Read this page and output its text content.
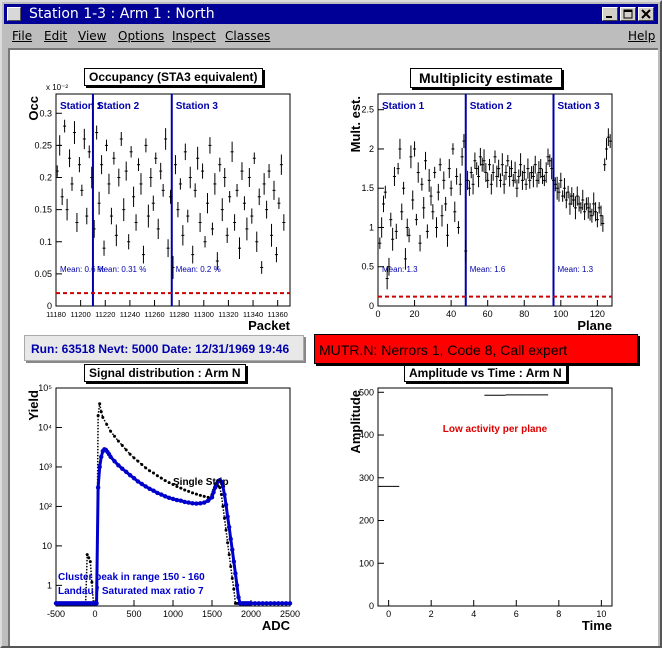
Station 1-3 : Arm 1 : North
File Edit View Options Inspect Classes	Help
0
0.05
0.1
0.15
0.2
0.25
0.3
11180 11200 11220 11240 11260 11280 11300 11320 11340 11360
Packet
Occ
x 10⁻²
Station 1
Station 2	Station 3
Mean: 0.6 %
Mean: 0.31 %	Mean: 0.2 %
0
0.5
1
1.5
2
2.5
0	20	40	60	80	100 120
Plane
Mult. est. Station 1	Station 2	Station 3
Mean: 1.3	Mean: 1.6	Mean: 1.3
1
10
10²
10³
10⁴
10⁵
-500	0	500 1000 1500 2000 2500
ADC
Yield
Single Strip
Cluster peak in range 150 - 160
Landau / Saturated max ratio 7
0
100
200
300
400
500
0	2	4	6	8	10
Time
Amplitude	Low activity per plane
Occupancy (STA3 equivalent)	Multiplicity estimate
Signal distribution : Arm N	Amplitude vs Time : Arm N
Run: 63518 Nevt: 5000 Date: 12/31/1969 19:46	MUTR.N: Nerrors 1, Code 8, Call expert
